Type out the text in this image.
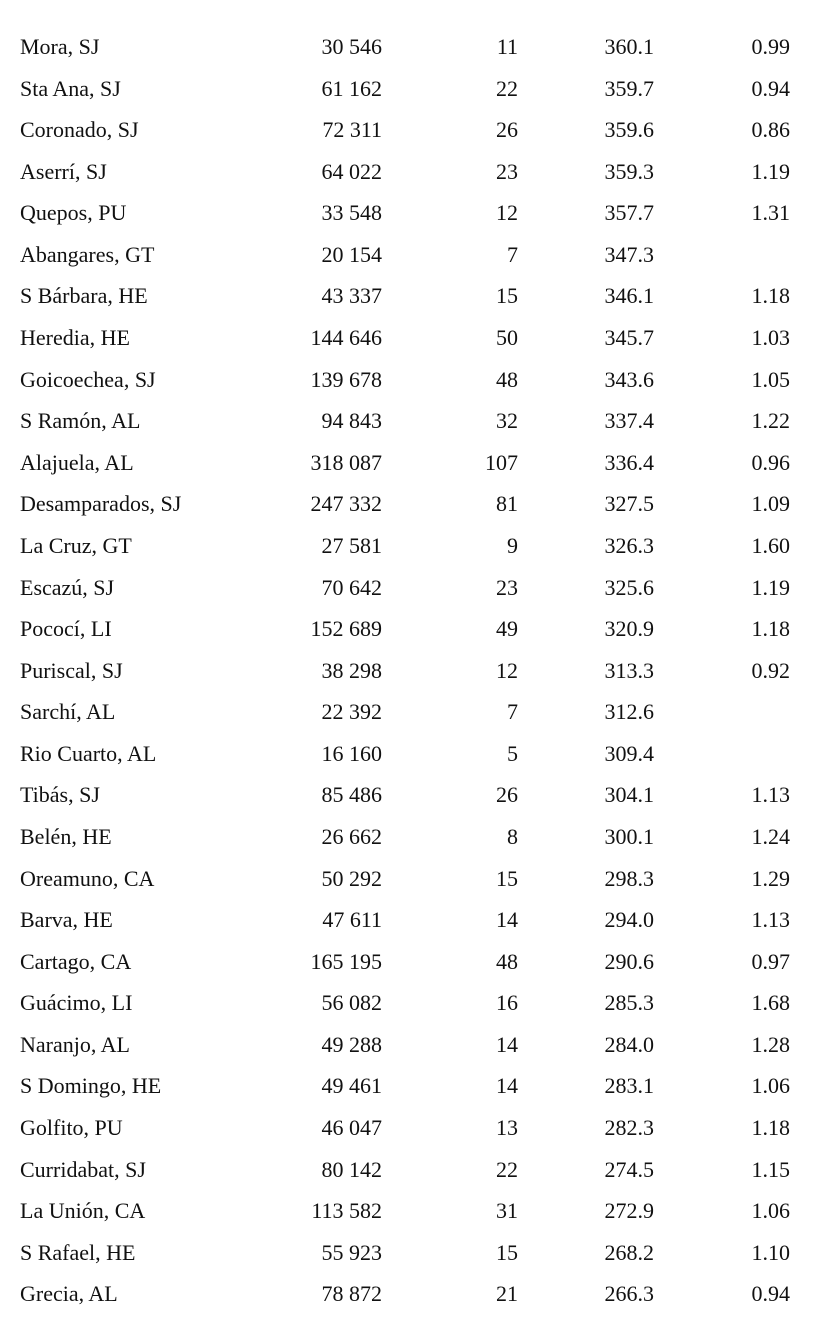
Mora, SJ	30 546	11	360.1	0.99
Sta Ana, SJ	61 162	22	359.7	0.94
Coronado, SJ	72 311	26	359.6	0.86
Aserrí, SJ	64 022	23	359.3	1.19
Quepos, PU	33 548	12	357.7	1.31
Abangares, GT	20 154	7	347.3
S Bárbara, HE	43 337	15	346.1	1.18
Heredia, HE	144 646	50	345.7	1.03
Goicoechea, SJ	139 678	48	343.6	1.05
S Ramón, AL	94 843	32	337.4	1.22
Alajuela, AL	318 087	107	336.4	0.96
Desamparados, SJ	247 332	81	327.5	1.09
La Cruz, GT	27 581	9	326.3	1.60
Escazú, SJ	70 642	23	325.6	1.19
Pococí, LI	152 689	49	320.9	1.18
Puriscal, SJ	38 298	12	313.3	0.92
Sarchí, AL	22 392	7	312.6
Rio Cuarto, AL	16 160	5	309.4
Tibás, SJ	85 486	26	304.1	1.13
Belén, HE	26 662	8	300.1	1.24
Oreamuno, CA	50 292	15	298.3	1.29
Barva, HE	47 611	14	294.0	1.13
Cartago, CA	165 195	48	290.6	0.97
Guácimo, LI	56 082	16	285.3	1.68
Naranjo, AL	49 288	14	284.0	1.28
S Domingo, HE	49 461	14	283.1	1.06
Golfito, PU	46 047	13	282.3	1.18
Curridabat, SJ	80 142	22	274.5	1.15
La Unión, CA	113 582	31	272.9	1.06
S Rafael, HE	55 923	15	268.2	1.10
Grecia, AL	78 872	21	266.3	0.94
